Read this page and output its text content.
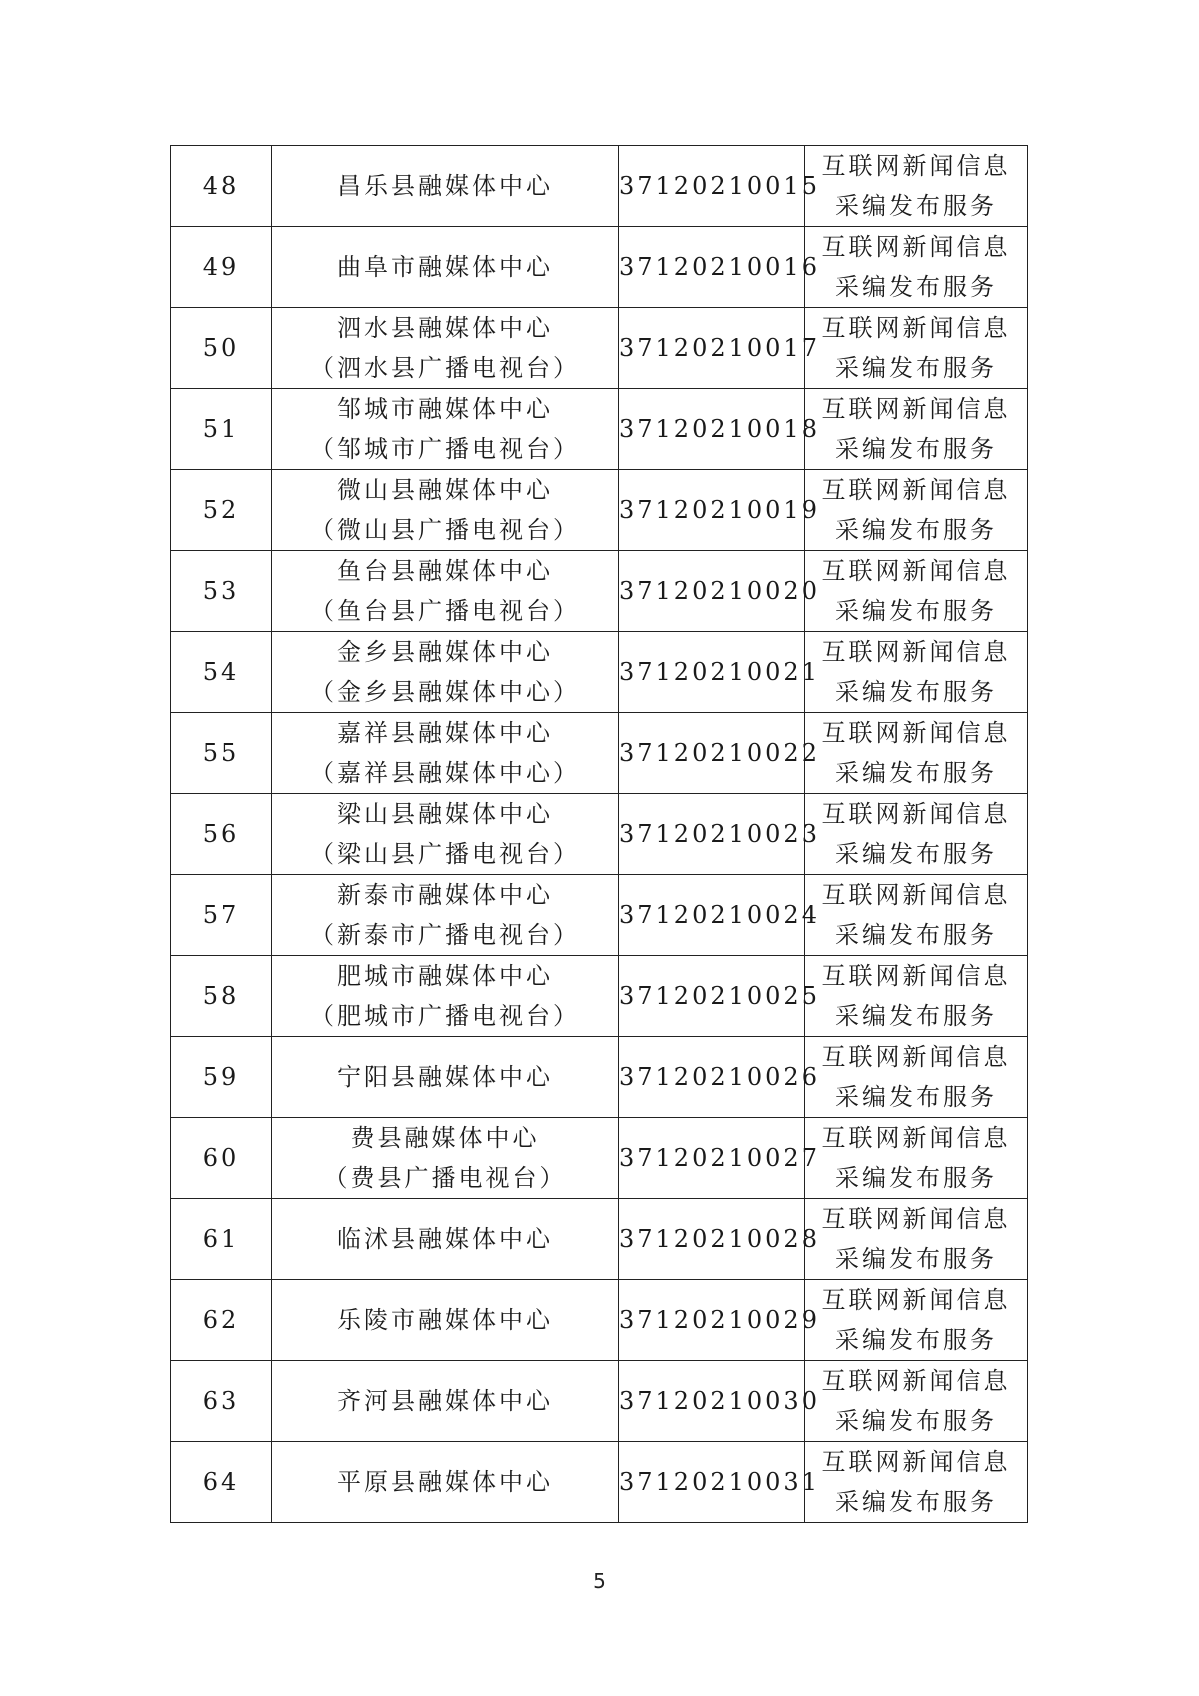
48	昌乐县融媒体中心	37120210015	互联网新闻信息
采编发布服务

49	曲阜市融媒体中心	37120210016	互联网新闻信息
采编发布服务

50	泗水县融媒体中心
（泗水县广播电视台）	37120210017	互联网新闻信息
采编发布服务

51	邹城市融媒体中心
（邹城市广播电视台）	37120210018	互联网新闻信息
采编发布服务

52	微山县融媒体中心
（微山县广播电视台）	37120210019	互联网新闻信息
采编发布服务

53	鱼台县融媒体中心
（鱼台县广播电视台）	37120210020	互联网新闻信息
采编发布服务

54	金乡县融媒体中心
（金乡县融媒体中心）	37120210021	互联网新闻信息
采编发布服务

55	嘉祥县融媒体中心
（嘉祥县融媒体中心）	37120210022	互联网新闻信息
采编发布服务

56	梁山县融媒体中心
（梁山县广播电视台）	37120210023	互联网新闻信息
采编发布服务

57	新泰市融媒体中心
（新泰市广播电视台）	37120210024	互联网新闻信息
采编发布服务

58	肥城市融媒体中心
（肥城市广播电视台）	37120210025	互联网新闻信息
采编发布服务

59	宁阳县融媒体中心	37120210026	互联网新闻信息
采编发布服务

60	费县融媒体中心
（费县广播电视台）	37120210027	互联网新闻信息
采编发布服务

61	临沭县融媒体中心	37120210028	互联网新闻信息
采编发布服务

62	乐陵市融媒体中心	37120210029	互联网新闻信息
采编发布服务

63	齐河县融媒体中心	37120210030	互联网新闻信息
采编发布服务

64	平原县融媒体中心	37120210031	互联网新闻信息
采编发布服务
5
